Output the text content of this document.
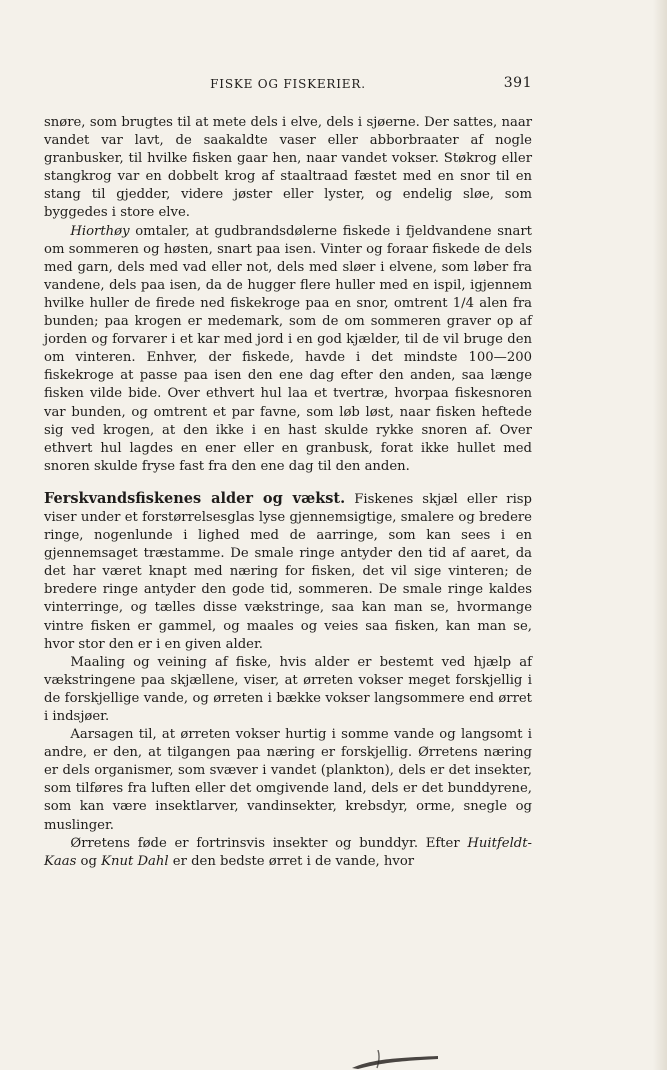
FISKE OG FISKERIER.	391

snøre, som brugtes til at mete dels i elve, dels i sjøerne. Der sattes, naar vandet var lavt, de saakaldte vaser eller abborbraater af nogle granbusker, til hvilke fisken gaar hen, naar vandet vokser. Støkrog eller stangkrog var en dobbelt krog af staaltraad fæstet med en snor til en stang til gjedder, videre jøster eller lyster, og endelig sløe, som byggedes i store elve.

Hiorthøy omtaler, at gudbrandsdølerne fiskede i fjeldvandene snart om sommeren og høsten, snart paa isen. Vinter og foraar fiskede de dels med garn, dels med vad eller not, dels med sløer i elvene, som løber fra vandene, dels paa isen, da de hugger flere huller med en ispil, igjennem hvilke huller de firede ned fiskekroge paa en snor, omtrent 1/4 alen fra bunden; paa krogen er medemark, som de om sommeren graver op af jorden og forvarer i et kar med jord i en god kjælder, til de vil bruge den om vinteren. Enhver, der fiskede, havde i det mindste 100—200 fiskekroge at passe paa isen den ene dag efter den anden, saa længe fisken vilde bide. Over ethvert hul laa et tvertræ, hvorpaa fiskesnoren var bunden, og omtrent et par favne, som løb løst, naar fisken heftede sig ved krogen, at den ikke i en hast skulde rykke snoren af. Over ethvert hul lagdes en ener eller en granbusk, forat ikke hullet med snoren skulde fryse fast fra den ene dag til den anden.

Ferskvandsfiskenes alder og vækst. Fiskenes skjæl eller risp viser under et forstørrelsesglas lyse gjennemsigtige, smalere og bredere ringe, nogenlunde i lighed med de aarringe, som kan sees i en gjennemsaget træstamme. De smale ringe antyder den tid af aaret, da det har været knapt med næring for fisken, det vil sige vinteren; de bredere ringe antyder den gode tid, sommeren. De smale ringe kaldes vinterringe, og tælles disse vækstringe, saa kan man se, hvormange vintre fisken er gammel, og maales og veies saa fisken, kan man se, hvor stor den er i en given alder.

Maaling og veining af fiske, hvis alder er bestemt ved hjælp af vækstringene paa skjællene, viser, at ørreten vokser meget forskjellig i de forskjellige vande, og ørreten i bække vokser langsommere end ørret i indsjøer.

Aarsagen til, at ørreten vokser hurtig i somme vande og langsomt i andre, er den, at tilgangen paa næring er forskjellig. Ørretens næring er dels organismer, som svæver i vandet (plankton), dels er det insekter, som tilføres fra luften eller det omgivende land, dels er det bunddyrene, som kan være insektlarver, vandinsekter, krebsdyr, orme, snegle og muslinger.

Ørretens føde er fortrinsvis insekter og bunddyr. Efter Huitfeldt-Kaas og Knut Dahl er den bedste ørret i de vande, hvor
